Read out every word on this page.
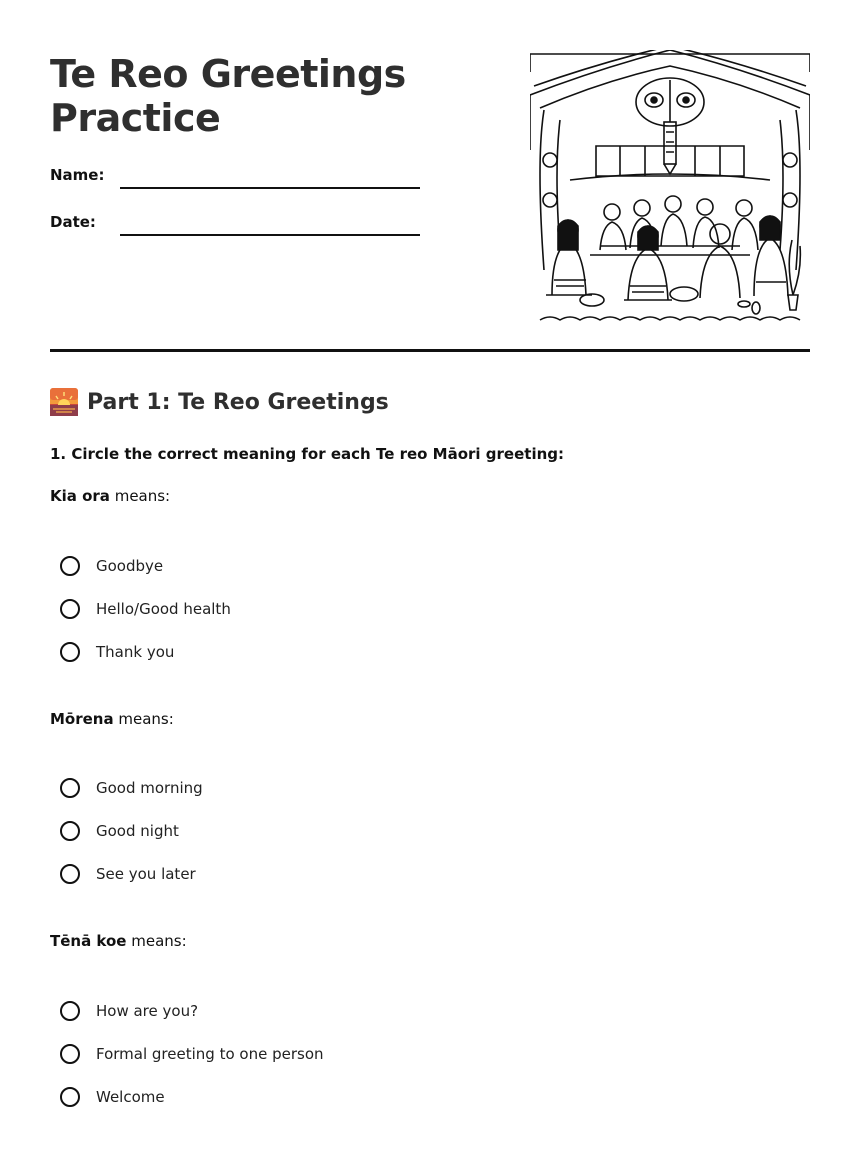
Te Reo Greetings Practice
Name:
Date:
Part 1: Te Reo Greetings
1. Circle the correct meaning for each Te reo Māori greeting:
Kia ora means:
Goodbye
Hello/Good health
Thank you
Mōrena means:
Good morning
Good night
See you later
Tēnā koe means:
How are you?
Formal greeting to one person
Welcome
